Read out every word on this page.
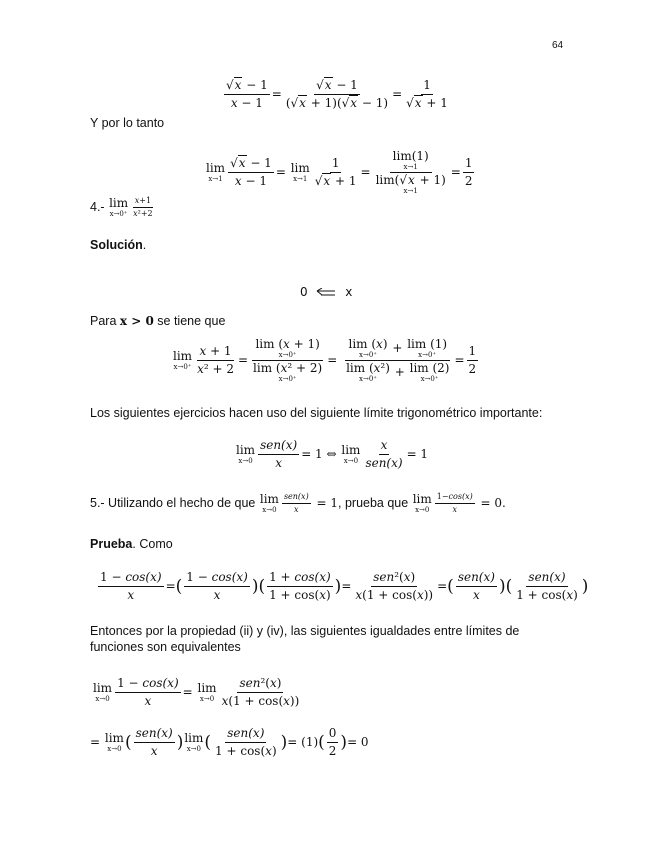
64
$\frac{√x - 1}{x - 1} = \frac{√x - 1}{(√x + 1)(√x - 1)} = \frac{1}{√x + 1}$
Y por lo tanto
lim
$x\to 1 \frac{√x - 1}{x - 1} = \lim$
$x\to 1 \frac{1}{√x + 1} = \lim(1)$
x→1
lim(√x + 1)
$x\to 1 = \frac{1}{2}$
4.- lim
$x\to 0^+ \frac{x+1}{\text{x²+2}}$
Solución.
0	x
Para x > 0 se tiene que
lim
$x\to 0^+ \frac{x + 1}{\text{x² + 2}} = \lim (x + 1)$
x→0⁺
lim (x² + 2)
x→0⁺ = lim (x)
x→0⁺ + lim (1)
x→0⁺
lim (x²)
x→0⁺ + lim (2)
$x\to 0^+ = \frac{1}{2}$
Los siguientes ejercicios hacen uso del siguiente límite trigonométrico importante:
lim
$x\to 0 \frac{\text{sen(x)}}{x} = 1$ ⇔ lim
$x\to 0 \frac{x}{\text{sen(x)}} = 1$
5.- Utilizando el hecho de que lim
$x\to 0 \frac{\text{sen(x)}}{x} = 1$, prueba que lim
$x\to 0 \frac{1-\cos(x)}{x} = 0$.
Prueba. Como
$\frac{1 - \cos(x)}{x}$ =( $\frac{1 - \cos(x)}{x}$ )( $\frac{1 + \cos(x)}{1 + \cos(x)}$ )= $\frac{\text{sen²(x)}}{x(1 + \cos(x))}$ =( $\frac{\text{sen(x)}}{x}$ )( $\frac{\text{sen(x)}}{1 + \cos(x)}$ )
Entonces por la propiedad (ii) y (iv), las siguientes igualdades entre límites de
funciones son equivalentes
lim
$x\to 0 \frac{1 - \cos(x)}{x} = \lim$
$x\to 0 \frac{\text{sen²(x)}}{x(1 + \cos(x))}$
= lim
x→0 ( $\frac{\text{sen(x)}}{x}$ ) lim
x→0 ( $\frac{\text{sen(x)}}{1 + \cos(x)}$ )= $(1)( \frac{0}{2}$ )= 0
